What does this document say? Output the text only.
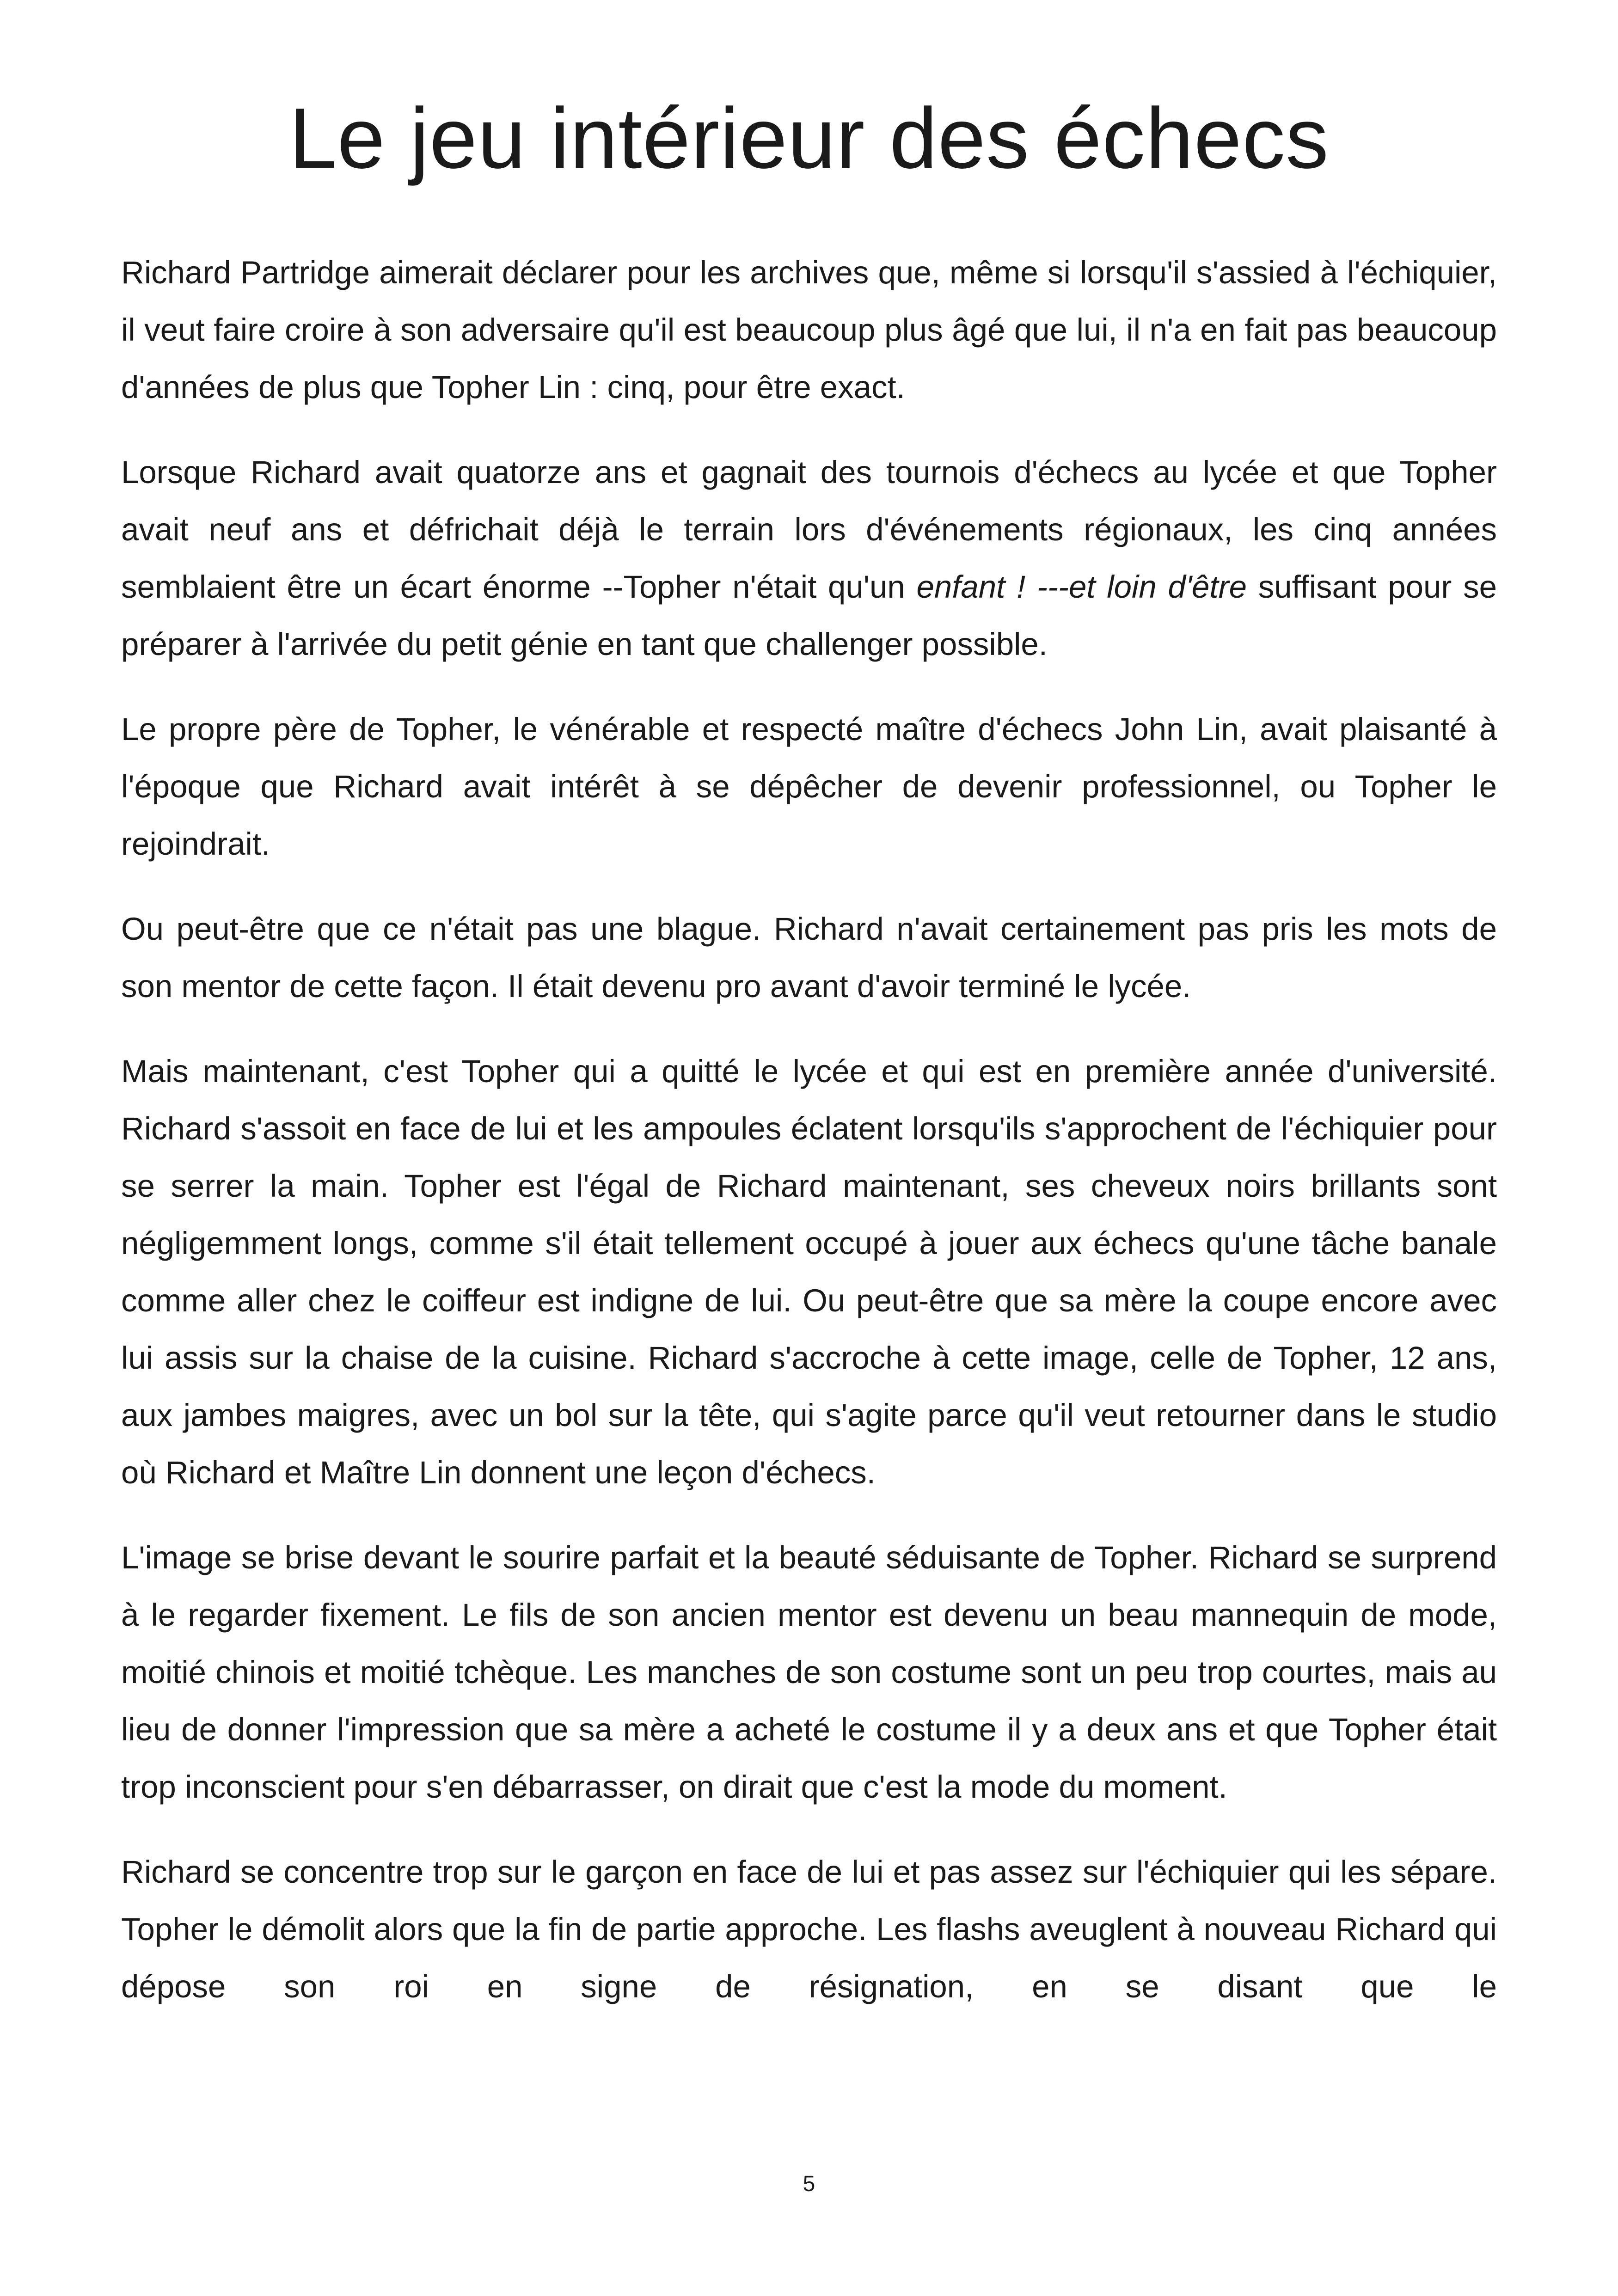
Le jeu intérieur des échecs

Richard Partridge aimerait déclarer pour les archives que, même si lorsqu'il s'assied à l'échiquier, il veut faire croire à son adversaire qu'il est beaucoup plus âgé que lui, il n'a en fait pas beaucoup d'années de plus que Topher Lin : cinq, pour être exact.

Lorsque Richard avait quatorze ans et gagnait des tournois d'échecs au lycée et que Topher avait neuf ans et défrichait déjà le terrain lors d'événements régionaux, les cinq années semblaient être un écart énorme --Topher n'était qu'un enfant ! ---et loin d'être suffisant pour se préparer à l'arrivée du petit génie en tant que challenger possible.

Le propre père de Topher, le vénérable et respecté maître d'échecs John Lin, avait plaisanté à l'époque que Richard avait intérêt à se dépêcher de devenir professionnel, ou Topher le rejoindrait.

Ou peut-être que ce n'était pas une blague. Richard n'avait certainement pas pris les mots de son mentor de cette façon. Il était devenu pro avant d'avoir terminé le lycée.

Mais maintenant, c'est Topher qui a quitté le lycée et qui est en première année d'université. Richard s'assoit en face de lui et les ampoules éclatent lorsqu'ils s'approchent de l'échiquier pour se serrer la main. Topher est l'égal de Richard maintenant, ses cheveux noirs brillants sont négligemment longs, comme s'il était tellement occupé à jouer aux échecs qu'une tâche banale comme aller chez le coiffeur est indigne de lui. Ou peut-être que sa mère la coupe encore avec lui assis sur la chaise de la cuisine. Richard s'accroche à cette image, celle de Topher, 12 ans, aux jambes maigres, avec un bol sur la tête, qui s'agite parce qu'il veut retourner dans le studio où Richard et Maître Lin donnent une leçon d'échecs.

L'image se brise devant le sourire parfait et la beauté séduisante de Topher. Richard se surprend à le regarder fixement. Le fils de son ancien mentor est devenu un beau mannequin de mode, moitié chinois et moitié tchèque. Les manches de son costume sont un peu trop courtes, mais au lieu de donner l'impression que sa mère a acheté le costume il y a deux ans et que Topher était trop inconscient pour s'en débarrasser, on dirait que c'est la mode du moment.

Richard se concentre trop sur le garçon en face de lui et pas assez sur l'échiquier qui les sépare. Topher le démolit alors que la fin de partie approche. Les flashs aveuglent à nouveau Richard qui dépose son roi en signe de résignation, en se disant que le

5
